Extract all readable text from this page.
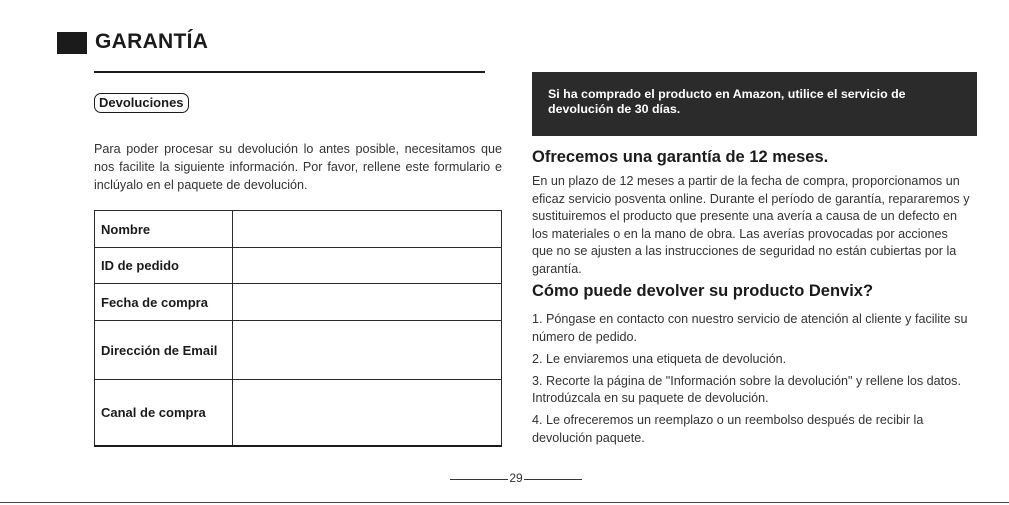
GARANTÍA
Devoluciones
Para poder procesar su devolución lo antes posible, necesitamos que nos facilite la siguiente información. Por favor, rellene este formulario e inclúyalo en el paquete de devolución.
Nombre	
ID de pedido	
Fecha de compra	
Dirección de Email	
Canal de compra	
Si ha comprado el producto en Amazon, utilice el servicio de devolución de 30 días.
Ofrecemos una garantía de 12 meses.
En un plazo de 12 meses a partir de la fecha de compra, proporcionamos un eficaz servicio posventa online. Durante el período de garantía, repararemos y sustituiremos el producto que presente una avería a causa de un defecto en los materiales o en la mano de obra. Las averías provocadas por acciones que no se ajusten a las instrucciones de seguridad no están cubiertas por la garantía.
Cómo puede devolver su producto Denvix?
1. Póngase en contacto con nuestro servicio de atención al cliente y facilite su número de pedido.
2. Le enviaremos una etiqueta de devolución.
3. Recorte la página de "Información sobre la devolución" y rellene los datos. Introdúzcala en su paquete de devolución.
4. Le ofreceremos un reemplazo o un reembolso después de recibir la devolución paquete.
29
